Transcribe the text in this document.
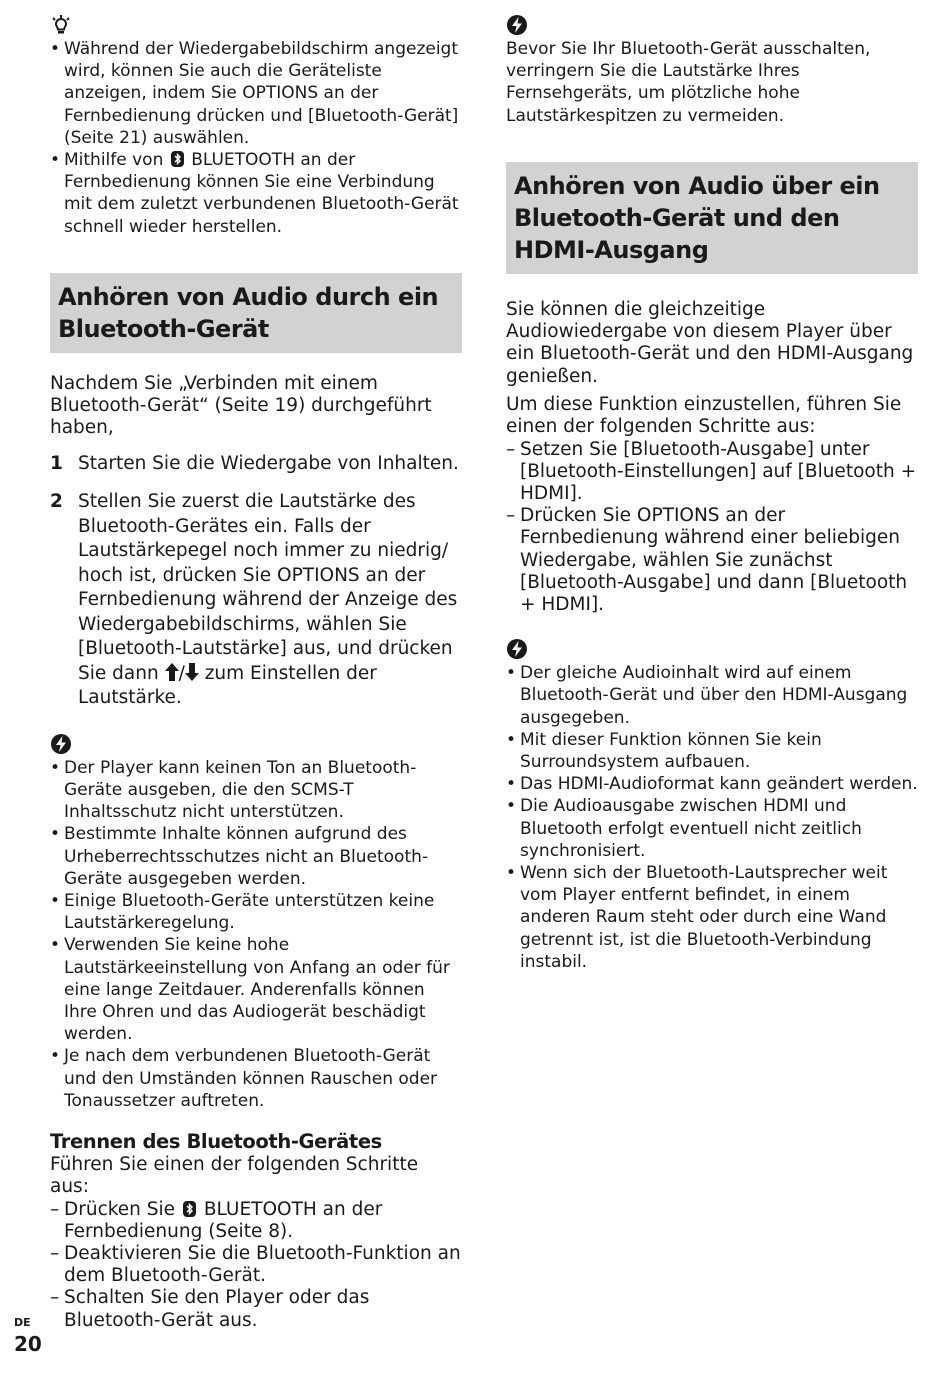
• Während der Wiedergabebildschirm angezeigt wird, können Sie auch die Geräteliste anzeigen, indem Sie OPTIONS an der Fernbedienung drücken und [Bluetooth-Gerät] (Seite 21) auswählen.
• Mithilfe von BLUETOOTH an der Fernbedienung können Sie eine Verbindung mit dem zuletzt verbundenen Bluetooth-Gerät schnell wieder herstellen.
Anhören von Audio durch ein Bluetooth-Gerät

Nachdem Sie „Verbinden mit einem Bluetooth-Gerät“ (Seite 19) durchgeführt haben,

1 Starten Sie die Wiedergabe von Inhalten.
2 Stellen Sie zuerst die Lautstärke des Bluetooth-Gerätes ein. Falls der Lautstärkepegel noch immer zu niedrig/ hoch ist, drücken Sie OPTIONS an der Fernbedienung während der Anzeige des Wiedergabebildschirms, wählen Sie [Bluetooth-Lautstärke] aus, und drücken Sie dann / zum Einstellen der Lautstärke.
• Der Player kann keinen Ton an Bluetooth-Geräte ausgeben, die den SCMS-T Inhaltsschutz nicht unterstützen.
• Bestimmte Inhalte können aufgrund des Urheberrechtsschutzes nicht an Bluetooth-Geräte ausgegeben werden.
• Einige Bluetooth-Geräte unterstützen keine Lautstärkeregelung.
• Verwenden Sie keine hohe Lautstärkeeinstellung von Anfang an oder für eine lange Zeitdauer. Anderenfalls können Ihre Ohren und das Audiogerät beschädigt werden.
• Je nach dem verbundenen Bluetooth-Gerät und den Umständen können Rauschen oder Tonaussetzer auftreten.
Trennen des Bluetooth-Gerätes

Führen Sie einen der folgenden Schritte aus:

– Drücken Sie BLUETOOTH an der Fernbedienung (Seite 8).
– Deaktivieren Sie die Bluetooth-Funktion an dem Bluetooth-Gerät.
– Schalten Sie den Player oder das Bluetooth-Gerät aus.

Bevor Sie Ihr Bluetooth-Gerät ausschalten, verringern Sie die Lautstärke Ihres Fernsehgeräts, um plötzliche hohe Lautstärkespitzen zu vermeiden.

Anhören von Audio über ein Bluetooth-Gerät und den HDMI-Ausgang

Sie können die gleichzeitige Audiowiedergabe von diesem Player über ein Bluetooth-Gerät und den HDMI-Ausgang genießen.

Um diese Funktion einzustellen, führen Sie einen der folgenden Schritte aus:

– Setzen Sie [Bluetooth-Ausgabe] unter [Bluetooth-Einstellungen] auf [Bluetooth + HDMI].
– Drücken Sie OPTIONS an der Fernbedienung während einer beliebigen Wiedergabe, wählen Sie zunächst [Bluetooth-Ausgabe] und dann [Bluetooth + HDMI].
• Der gleiche Audioinhalt wird auf einem Bluetooth-Gerät und über den HDMI-Ausgang ausgegeben.
• Mit dieser Funktion können Sie kein Surroundsystem aufbauen.
• Das HDMI-Audioformat kann geändert werden.
• Die Audioausgabe zwischen HDMI und Bluetooth erfolgt eventuell nicht zeitlich synchronisiert.
• Wenn sich der Bluetooth-Lautsprecher weit vom Player entfernt befindet, in einem anderen Raum steht oder durch eine Wand getrennt ist, ist die Bluetooth-Verbindung instabil.
DE
20
